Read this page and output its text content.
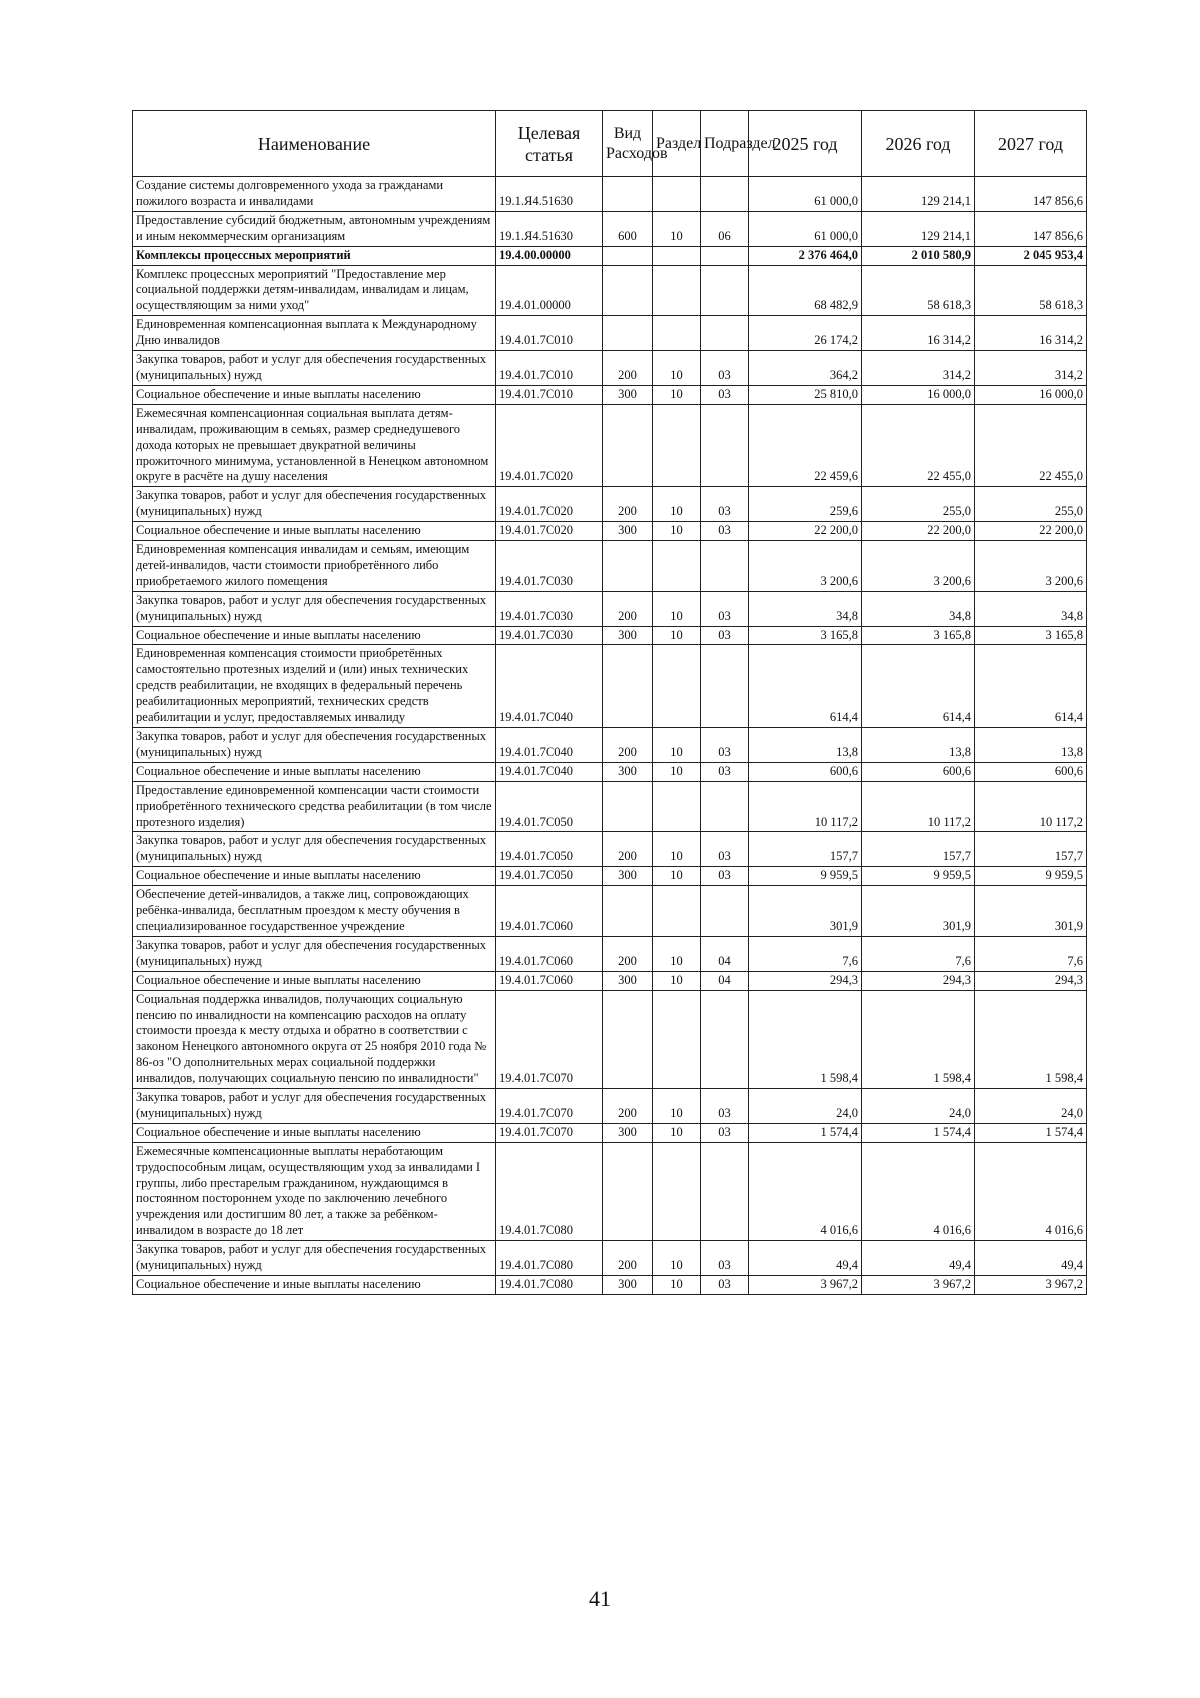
Наименование	Целевая статья	Вид Расходов	Раздел	Подраздел	2025 год	2026 год	2027 год
Создание системы долговременного ухода за гражданами пожилого возраста и инвалидами	19.1.Я4.51630				61 000,0	129 214,1	147 856,6
Предоставление субсидий бюджетным, автономным учреждениям и иным некоммерческим организациям	19.1.Я4.51630	600	10	06	61 000,0	129 214,1	147 856,6
Комплексы процессных мероприятий	19.4.00.00000				2 376 464,0	2 010 580,9	2 045 953,4
Комплекс процессных мероприятий "Предоставление мер социальной поддержки детям-инвалидам, инвалидам и лицам, осуществляющим за ними уход"	19.4.01.00000				68 482,9	58 618,3	58 618,3
Единовременная компенсационная выплата к Международному Дню инвалидов	19.4.01.7С010				26 174,2	16 314,2	16 314,2
Закупка товаров, работ и услуг для обеспечения государственных (муниципальных) нужд	19.4.01.7С010	200	10	03	364,2	314,2	314,2
Социальное обеспечение и иные выплаты населению	19.4.01.7С010	300	10	03	25 810,0	16 000,0	16 000,0
Ежемесячная компенсационная социальная выплата детям-инвалидам, проживающим в семьях, размер среднедушевого дохода которых не превышает двукратной величины прожиточного минимума, установленной в Ненецком автономном округе в расчёте на душу населения	19.4.01.7С020				22 459,6	22 455,0	22 455,0
Закупка товаров, работ и услуг для обеспечения государственных (муниципальных) нужд	19.4.01.7С020	200	10	03	259,6	255,0	255,0
Социальное обеспечение и иные выплаты населению	19.4.01.7С020	300	10	03	22 200,0	22 200,0	22 200,0
Единовременная компенсация инвалидам и семьям, имеющим детей-инвалидов, части стоимости приобретённого либо приобретаемого жилого помещения	19.4.01.7С030				3 200,6	3 200,6	3 200,6
Закупка товаров, работ и услуг для обеспечения государственных (муниципальных) нужд	19.4.01.7С030	200	10	03	34,8	34,8	34,8
Социальное обеспечение и иные выплаты населению	19.4.01.7С030	300	10	03	3 165,8	3 165,8	3 165,8
Единовременная компенсация стоимости приобретённых самостоятельно протезных изделий и (или) иных технических средств реабилитации, не входящих в федеральный перечень реабилитационных мероприятий, технических средств реабилитации и услуг, предоставляемых инвалиду	19.4.01.7С040				614,4	614,4	614,4
Закупка товаров, работ и услуг для обеспечения государственных (муниципальных) нужд	19.4.01.7С040	200	10	03	13,8	13,8	13,8
Социальное обеспечение и иные выплаты населению	19.4.01.7С040	300	10	03	600,6	600,6	600,6
Предоставление единовременной компенсации части стоимости приобретённого технического средства реабилитации (в том числе протезного изделия)	19.4.01.7С050				10 117,2	10 117,2	10 117,2
Закупка товаров, работ и услуг для обеспечения государственных (муниципальных) нужд	19.4.01.7С050	200	10	03	157,7	157,7	157,7
Социальное обеспечение и иные выплаты населению	19.4.01.7С050	300	10	03	9 959,5	9 959,5	9 959,5
Обеспечение детей-инвалидов, а также лиц, сопровождающих ребёнка-инвалида, бесплатным проездом к месту обучения в специализированное государственное учреждение	19.4.01.7С060				301,9	301,9	301,9
Закупка товаров, работ и услуг для обеспечения государственных (муниципальных) нужд	19.4.01.7С060	200	10	04	7,6	7,6	7,6
Социальное обеспечение и иные выплаты населению	19.4.01.7С060	300	10	04	294,3	294,3	294,3
Социальная поддержка инвалидов, получающих социальную пенсию по инвалидности на компенсацию расходов на оплату стоимости проезда к месту отдыха и обратно в соответствии с законом Ненецкого автономного округа от 25 ноября 2010 года № 86-оз "О дополнительных мерах социальной поддержки инвалидов, получающих социальную пенсию по инвалидности"	19.4.01.7С070				1 598,4	1 598,4	1 598,4
Закупка товаров, работ и услуг для обеспечения государственных (муниципальных) нужд	19.4.01.7С070	200	10	03	24,0	24,0	24,0
Социальное обеспечение и иные выплаты населению	19.4.01.7С070	300	10	03	1 574,4	1 574,4	1 574,4
Ежемесячные компенсационные выплаты неработающим трудоспособным лицам, осуществляющим уход за инвалидами I группы, либо престарелым гражданином, нуждающимся в постоянном постороннем уходе по заключению лечебного учреждения или достигшим 80 лет, а также за ребёнком-инвалидом в возрасте до 18 лет	19.4.01.7С080				4 016,6	4 016,6	4 016,6
Закупка товаров, работ и услуг для обеспечения государственных (муниципальных) нужд	19.4.01.7С080	200	10	03	49,4	49,4	49,4
Социальное обеспечение и иные выплаты населению	19.4.01.7С080	300	10	03	3 967,2	3 967,2	3 967,2
41
